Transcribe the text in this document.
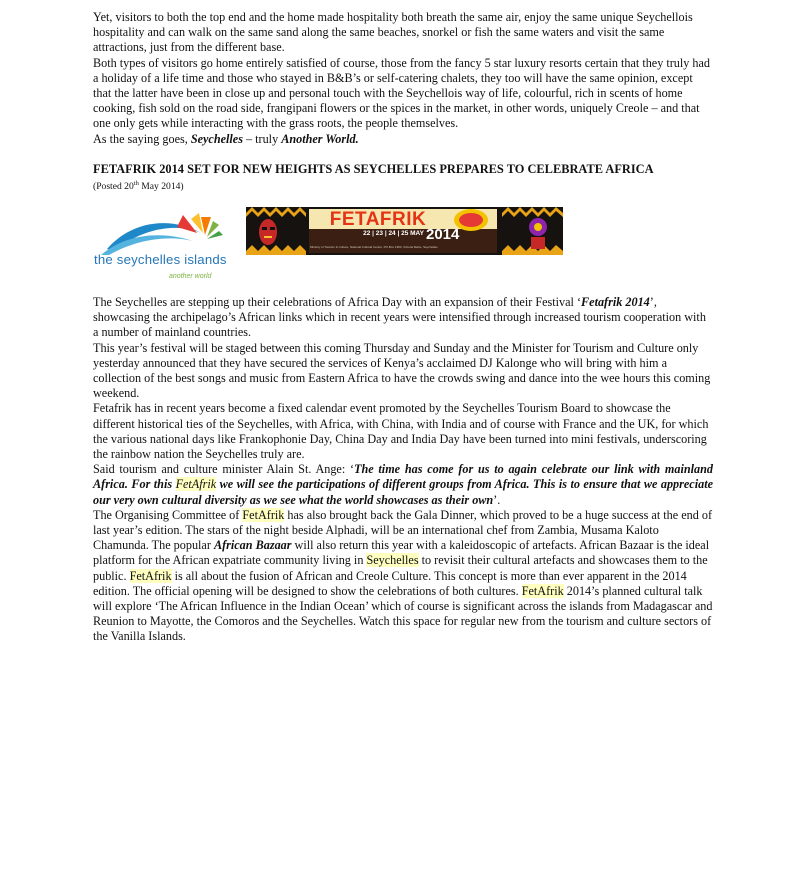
Yet, visitors to both the top end and the home made hospitality both breath the same air, enjoy the same unique Seychellois hospitality and can walk on the same sand along the same beaches, snorkel or fish the same waters and visit the same attractions, just from the different base.

Both types of visitors go home entirely satisfied of course, those from the fancy 5 star luxury resorts certain that they truly had a holiday of a life time and those who stayed in B&B’s or self-catering chalets, they too will have the same opinion, except that the latter have been in close up and personal touch with the Seychellois way of life, colourful, rich in scents of home cooking, fish sold on the road side, frangipani flowers or the spices in the market, in other words, uniquely Creole – and that one only gets while interacting with the grass roots, the people themselves.

As the saying goes, Seychelles – truly Another World.

FETAFRIK 2014 SET FOR NEW HEIGHTS AS SEYCHELLES PREPARES TO CELEBRATE AFRICA
(Posted 20th May 2014)
the seychelles islands
another world
FETAFRIK
22 | 23 | 24 | 25 MAY 2014
Ministry of Tourism & Culture, National Cultural Centre, PO Box 1383, Victoria Mahe, Seychelles

The Seychelles are stepping up their celebrations of Africa Day with an expansion of their Festival ‘Fetafrik 2014’, showcasing the archipelago’s African links which in recent years were intensified through increased tourism cooperation with a number of mainland countries.

This year’s festival will be staged between this coming Thursday and Sunday and the Minister for Tourism and Culture only yesterday announced that they have secured the services of Kenya’s acclaimed DJ Kalonge who will bring with him a collection of the best songs and music from Eastern Africa to have the crowds swing and dance into the wee hours this coming weekend.

Fetafrik has in recent years become a fixed calendar event promoted by the Seychelles Tourism Board to showcase the different historical ties of the Seychelles, with Africa, with China, with India and of course with France and the UK, for which the various national days like Frankophonie Day, China Day and India Day have been turned into mini festivals, underscoring the rainbow nation the Seychelles truly are.

Said tourism and culture minister Alain St. Ange: ‘The time has come for us to again celebrate our link with mainland Africa. For this FetAfrik we will see the participations of different groups from Africa. This is to ensure that we appreciate our very own cultural diversity as we see what the world showcases as their own’.

The Organising Committee of FetAfrik has also brought back the Gala Dinner, which proved to be a huge success at the end of last year’s edition. The stars of the night beside Alphadi, will be an international chef from Zambia, Musama Kaloto Chamunda. The popular African Bazaar will also return this year with a kaleidoscopic of artefacts. African Bazaar is the ideal platform for the African expatriate community living in Seychelles to revisit their cultural artefacts and showcases them to the public. FetAfrik is all about the fusion of African and Creole Culture. This concept is more than ever apparent in the 2014 edition. The official opening will be designed to show the celebrations of both cultures. FetAfrik 2014’s planned cultural talk will explore ‘The African Influence in the Indian Ocean’ which of course is significant across the islands from Madagascar and Reunion to Mayotte, the Comoros and the Seychelles. Watch this space for regular new from the tourism and culture sectors of the Vanilla Islands.
